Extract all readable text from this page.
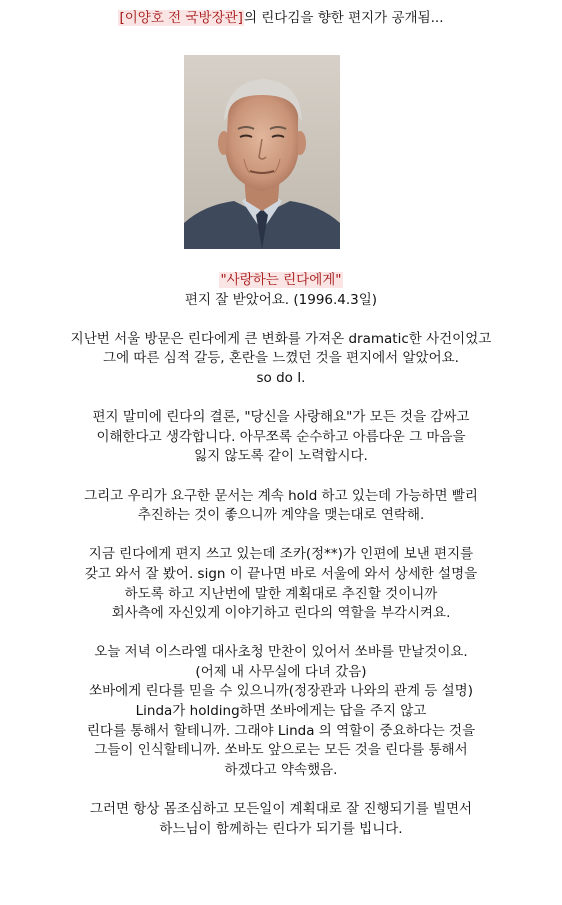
[이양호 전 국방장관]의 린다김을 향한 편지가 공개됨...
"사랑하는 린다에게"
편지 잘 받았어요. (1996.4.3일)
지난번 서울 방문은 린다에게 큰 변화를 가져온 dramatic한 사건이었고
그에 따른 심적 갈등, 혼란을 느꼈던 것을 편지에서 알았어요.
so do I.
편지 말미에 린다의 결론, "당신을 사랑해요"가 모든 것을 감싸고
이해한다고 생각합니다. 아무쪼록 순수하고 아름다운 그 마음을
잃지 않도록 같이 노력합시다.
그리고 우리가 요구한 문서는 계속 hold 하고 있는데 가능하면 빨리
추진하는 것이 좋으니까 계약을 맺는대로 연락해.
지금 린다에게 편지 쓰고 있는데 조카(정**)가 인편에 보낸 편지를
갖고 와서 잘 봤어. sign 이 끝나면 바로 서울에 와서 상세한 설명을
하도록 하고 지난번에 말한 계획대로 추진할 것이니까
회사측에 자신있게 이야기하고 린다의 역할을 부각시켜요.
오늘 저녁 이스라엘 대사초청 만찬이 있어서 쏘바를 만날것이요.
(어제 내 사무실에 다녀 갔음)
쏘바에게 린다를 믿을 수 있으니까(정장관과 나와의 관계 등 설명)
Linda가 holding하면 쏘바에게는 답을 주지 않고
린다를 통해서 할테니까. 그래야 Linda 의 역할이 중요하다는 것을
그들이 인식할테니까. 쏘바도 앞으로는 모든 것을 린다를 통해서
하겠다고 약속했음.
그러면 항상 몸조심하고 모든일이 계획대로 잘 진행되기를 빌면서
하느님이 함께하는 린다가 되기를 빕니다.
